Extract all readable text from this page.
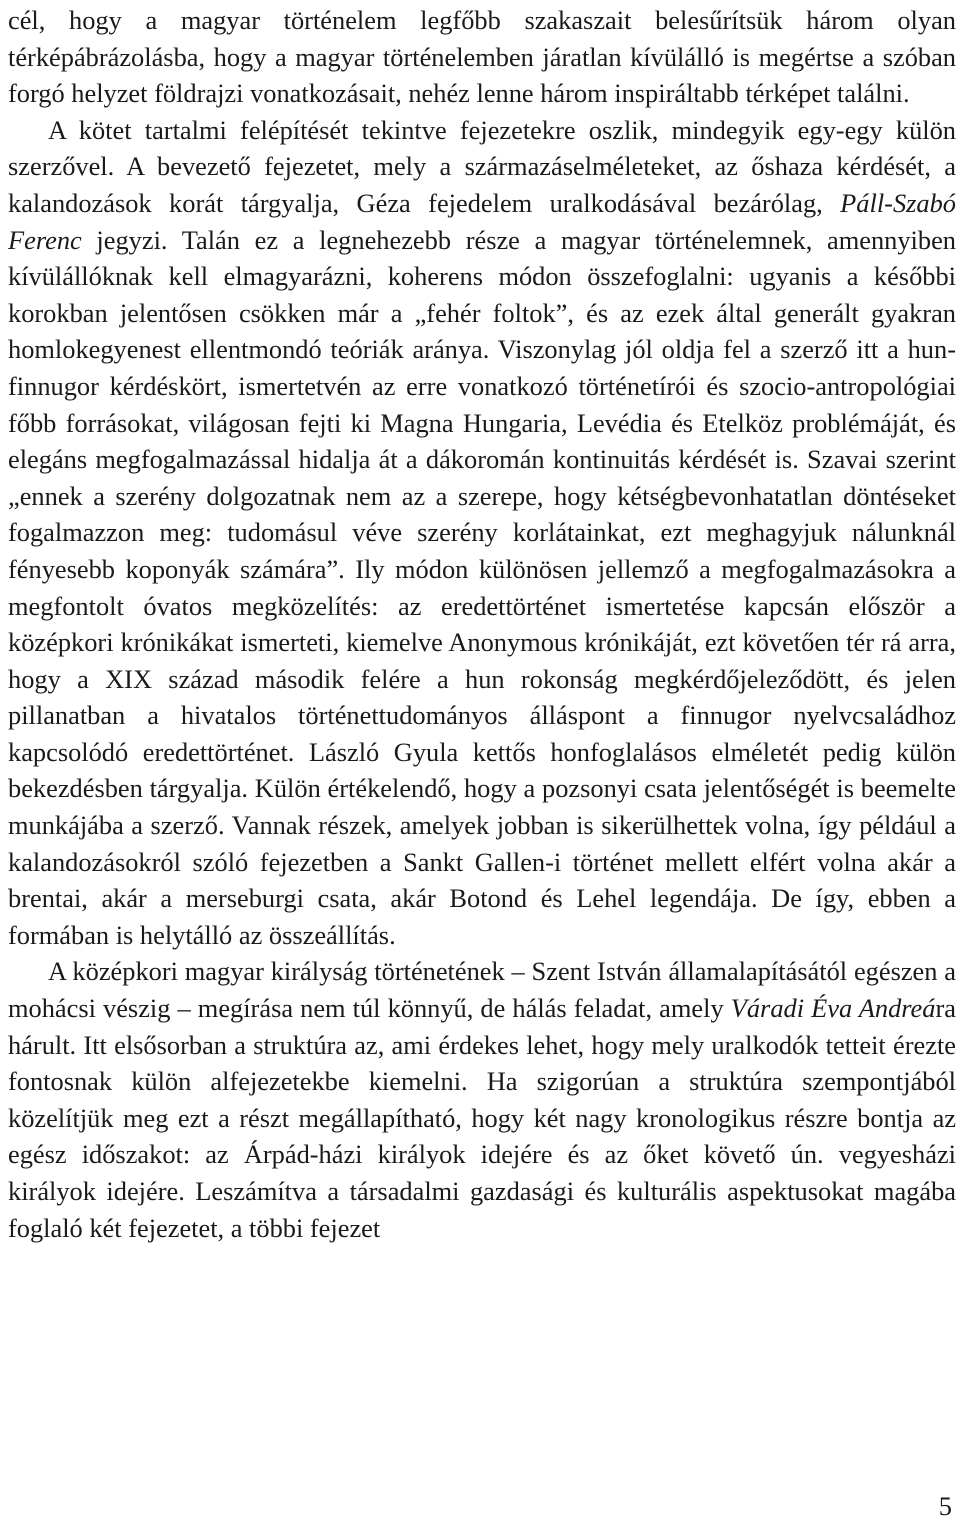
cél, hogy a magyar történelem legfőbb szakaszait belesűrítsük három olyan térképábrázolásba, hogy a magyar történelemben járatlan kívülálló is megértse a szóban forgó helyzet földrajzi vonatkozásait, nehéz lenne három inspiráltabb térképet találni.

A kötet tartalmi felépítését tekintve fejezetekre oszlik, mindegyik egy-egy külön szerzővel. A bevezető fejezetet, mely a származáselméleteket, az őshaza kérdését, a kalandozások korát tárgyalja, Géza fejedelem uralkodásával bezárólag, Páll-Szabó Ferenc jegyzi. Talán ez a legnehezebb része a magyar történelemnek, amennyiben kívülállóknak kell elmagyarázni, koherens módon összefoglalni: ugyanis a későbbi korokban jelentősen csökken már a „fehér foltok”, és az ezek által generált gyakran homlokegyenest ellentmondó teóriák aránya. Viszonylag jól oldja fel a szerző itt a hun-finnugor kérdéskört, ismertetvén az erre vonatkozó történetírói és szocio-antropológiai főbb forrásokat, világosan fejti ki Magna Hungaria, Levédia és Etelköz problémáját, és elegáns megfogalmazással hidalja át a dákoromán kontinuitás kérdését is. Szavai szerint „ennek a szerény dolgozatnak nem az a szerepe, hogy kétségbevonhatatlan döntéseket fogalmazzon meg: tudomásul véve szerény korlátainkat, ezt meghagyjuk nálunknál fényesebb koponyák számára”. Ily módon különösen jellemző a megfogalmazásokra a megfontolt óvatos megközelítés: az eredettörténet ismertetése kapcsán először a középkori krónikákat ismerteti, kiemelve Anonymous krónikáját, ezt követően tér rá arra, hogy a XIX század második felére a hun rokonság megkérdőjeleződött, és jelen pillanatban a hivatalos történettudományos álláspont a finnugor nyelvcsaládhoz kapcsolódó eredettörténet. László Gyula kettős honfoglalásos elméletét pedig külön bekezdésben tárgyalja. Külön értékelendő, hogy a pozsonyi csata jelentőségét is beemelte munkájába a szerző. Vannak részek, amelyek jobban is sikerülhettek volna, így például a kalandozásokról szóló fejezetben a Sankt Gallen-i történet mellett elfért volna akár a brentai, akár a merseburgi csata, akár Botond és Lehel legendája. De így, ebben a formában is helytálló az összeállítás.

A középkori magyar királyság történetének – Szent István államalapításától egészen a mohácsi vészig – megírása nem túl könnyű, de hálás feladat, amely Váradi Éva Andreára hárult. Itt elsősorban a struktúra az, ami érdekes lehet, hogy mely uralkodók tetteit érezte fontosnak külön alfejezetekbe kiemelni. Ha szigorúan a struktúra szempontjából közelítjük meg ezt a részt megállapítható, hogy két nagy kronologikus részre bontja az egész időszakot: az Árpád-házi királyok idejére és az őket követő ún. vegyesházi királyok idejére. Leszámítva a társadalmi gazdasági és kulturális aspektusokat magába foglaló két fejezetet, a többi fejezet

5
